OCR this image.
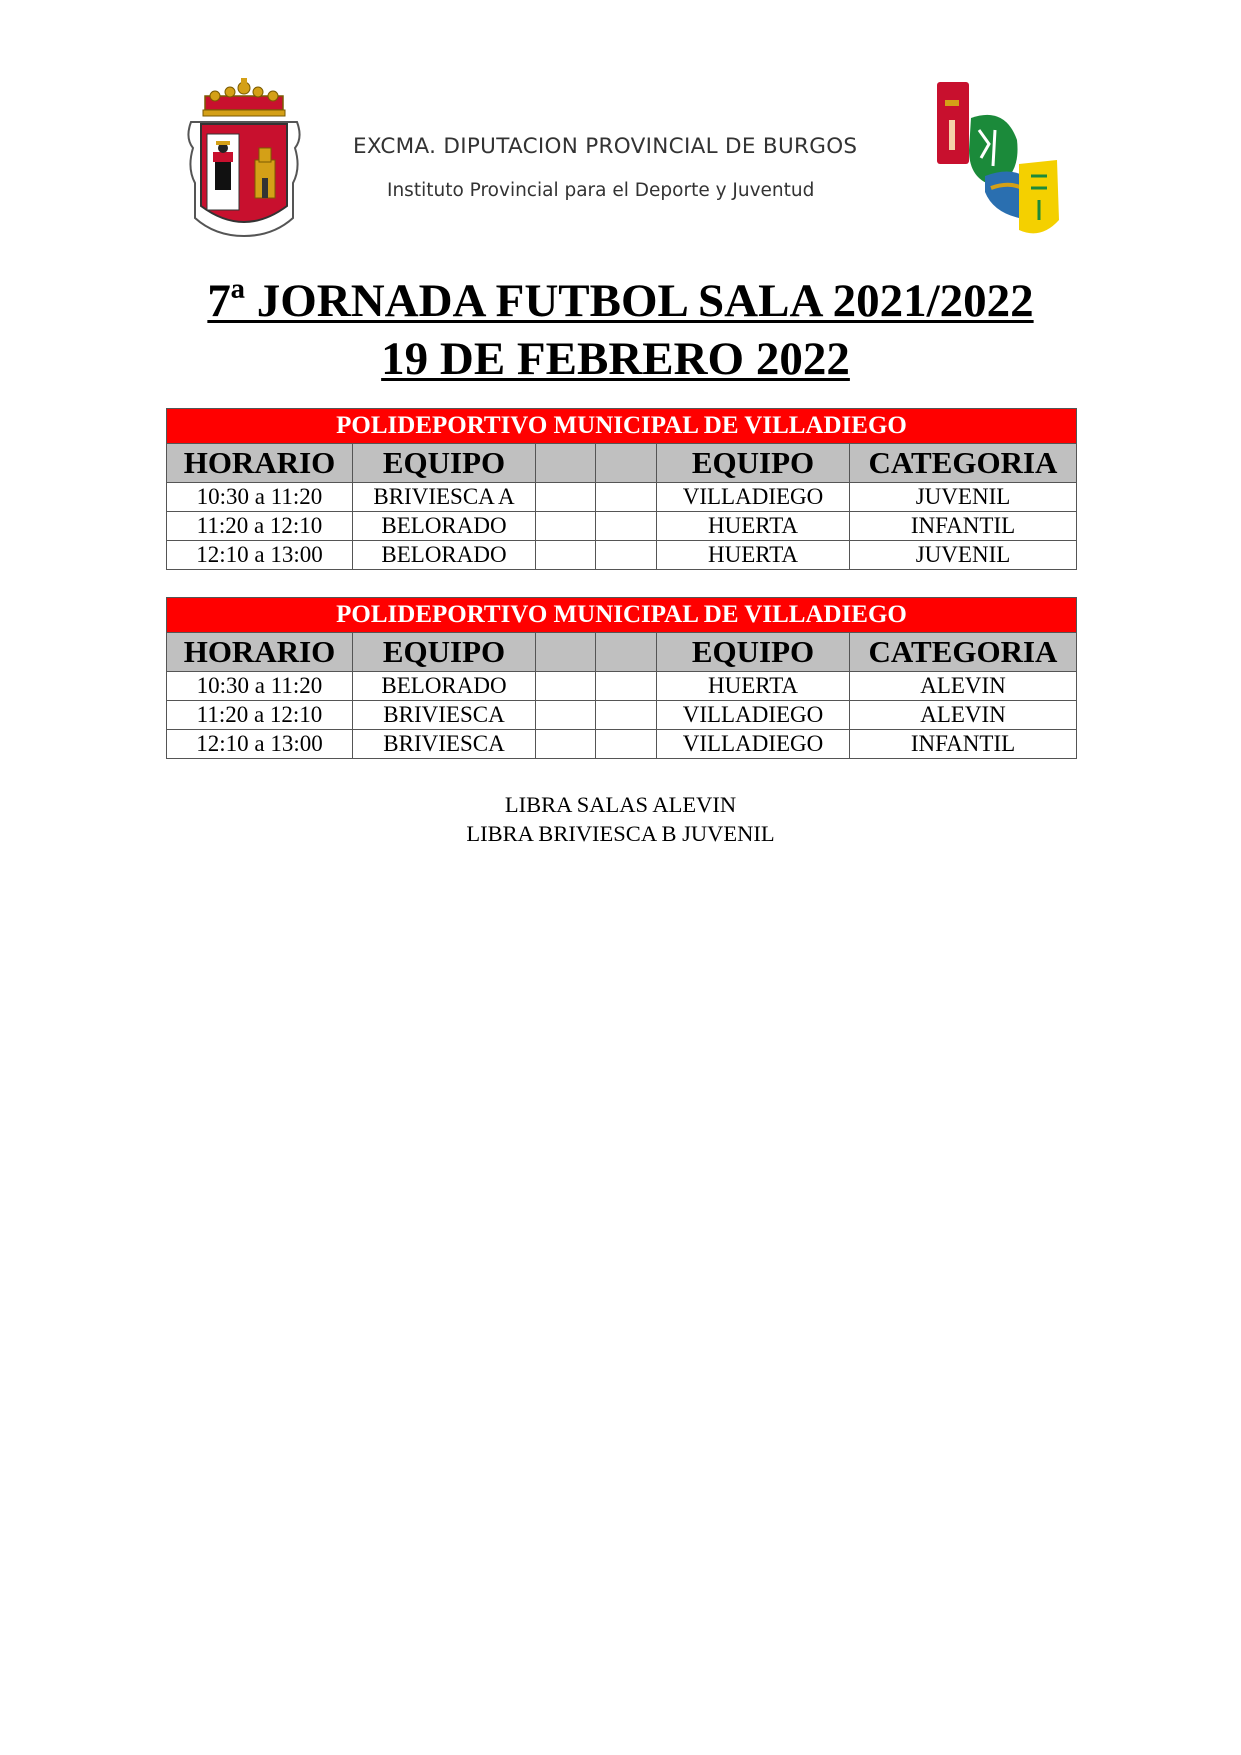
EXCMA. DIPUTACION PROVINCIAL DE BURGOS
Instituto Provincial para el Deporte y Juventud
7ª JORNADA FUTBOL SALA 2021/2022
19 DE FEBRERO 2022
POLIDEPORTIVO MUNICIPAL DE VILLADIEGO					
HORARIO	EQUIPO			EQUIPO	CATEGORIA
10:30 a 11:20	BRIVIESCA A			VILLADIEGO	JUVENIL
11:20 a 12:10	BELORADO			HUERTA	INFANTIL
12:10 a 13:00	BELORADO			HUERTA	JUVENIL
POLIDEPORTIVO MUNICIPAL DE VILLADIEGO					
HORARIO	EQUIPO			EQUIPO	CATEGORIA
10:30 a 11:20	BELORADO			HUERTA	ALEVIN
11:20 a 12:10	BRIVIESCA			VILLADIEGO	ALEVIN
12:10 a 13:00	BRIVIESCA			VILLADIEGO	INFANTIL
LIBRA SALAS ALEVIN
LIBRA BRIVIESCA B JUVENIL
